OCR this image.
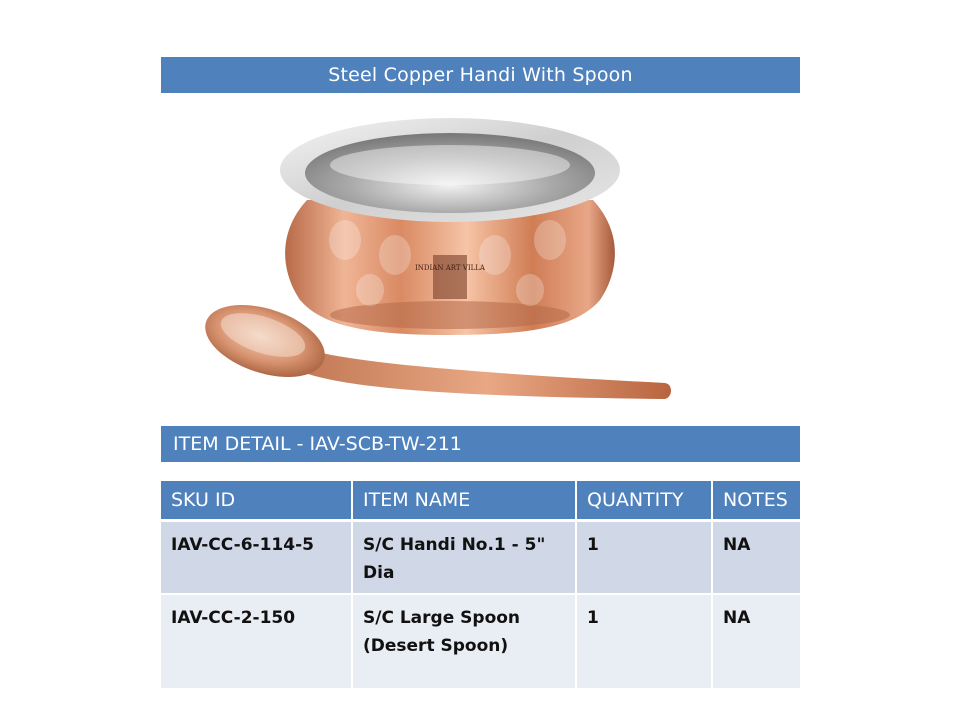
Steel Copper Handi With Spoon
INDIAN ART VILLA
ITEM DETAIL - IAV-SCB-TW-211
SKU ID	ITEM NAME	QUANTITY	NOTES
IAV-CC-6-114-5	S/C Handi No.1 - 5" Dia	1	NA
IAV-CC-2-150	S/C Large Spoon (Desert Spoon)	1	NA
